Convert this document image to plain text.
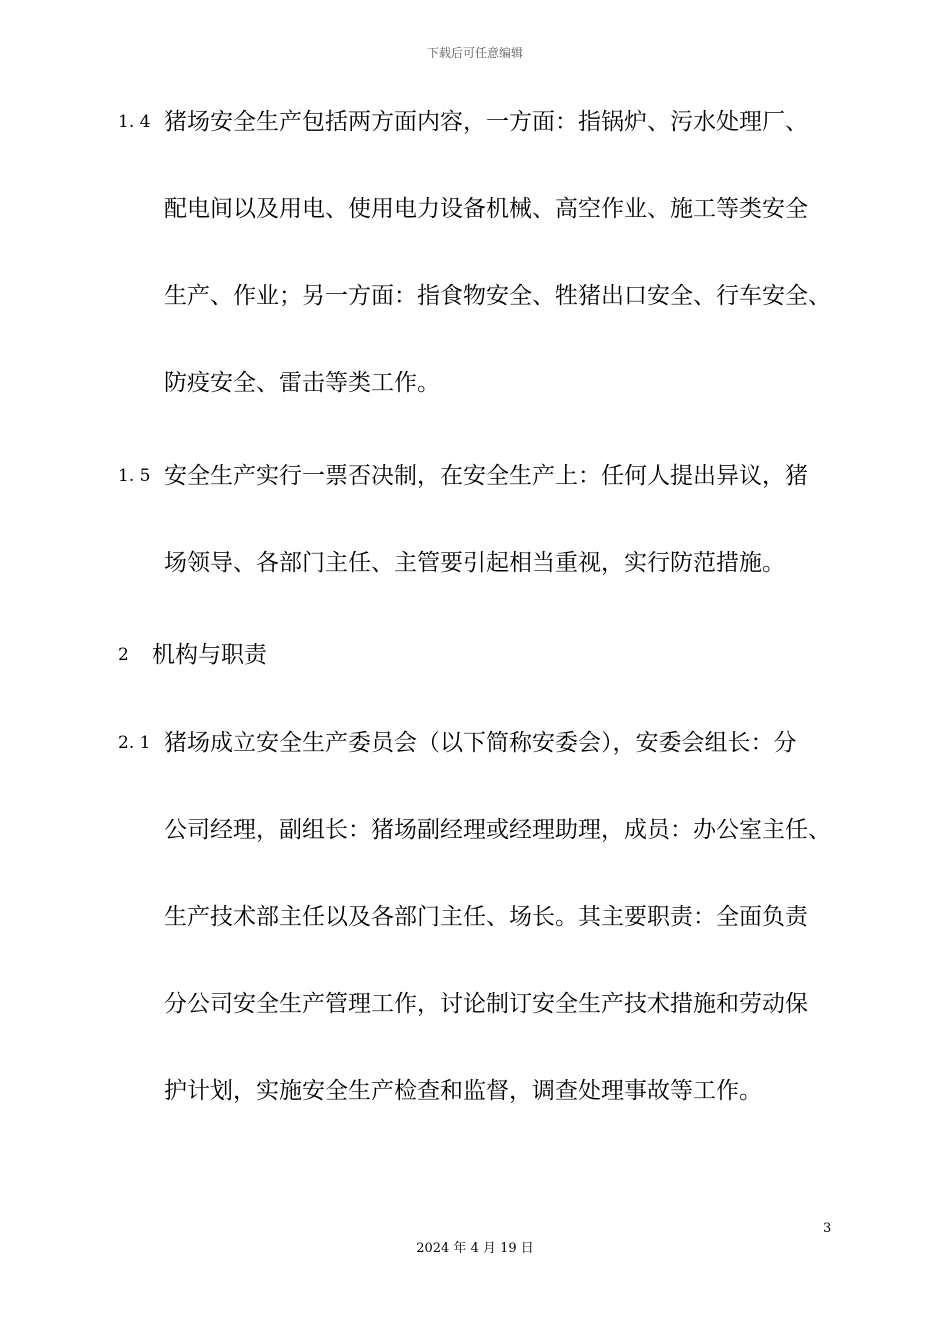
下载后可任意编辑
1. 4 猪场安全生产包括两方面内容，一方面：指锅炉、污水处理厂、
配电间以及用电、使用电力设备机械、高空作业、施工等类安全
生产、作业；另一方面：指食物安全、牲猪出口安全、行车安全、
防疫安全、雷击等类工作。
1. 5 安全生产实行一票否决制，在安全生产上：任何人提出异议，猪
场领导、各部门主任、主管要引起相当重视，实行防范措施。
2 机构与职责
2. 1 猪场成立安全生产委员会（以下简称安委会），安委会组长：分
公司经理，副组长：猪场副经理或经理助理，成员：办公室主任、
生产技术部主任以及各部门主任、场长。其主要职责：全面负责
分公司安全生产管理工作，讨论制订安全生产技术措施和劳动保
护计划，实施安全生产检查和监督，调查处理事故等工作。
3
2024 年 4 月 19 日
